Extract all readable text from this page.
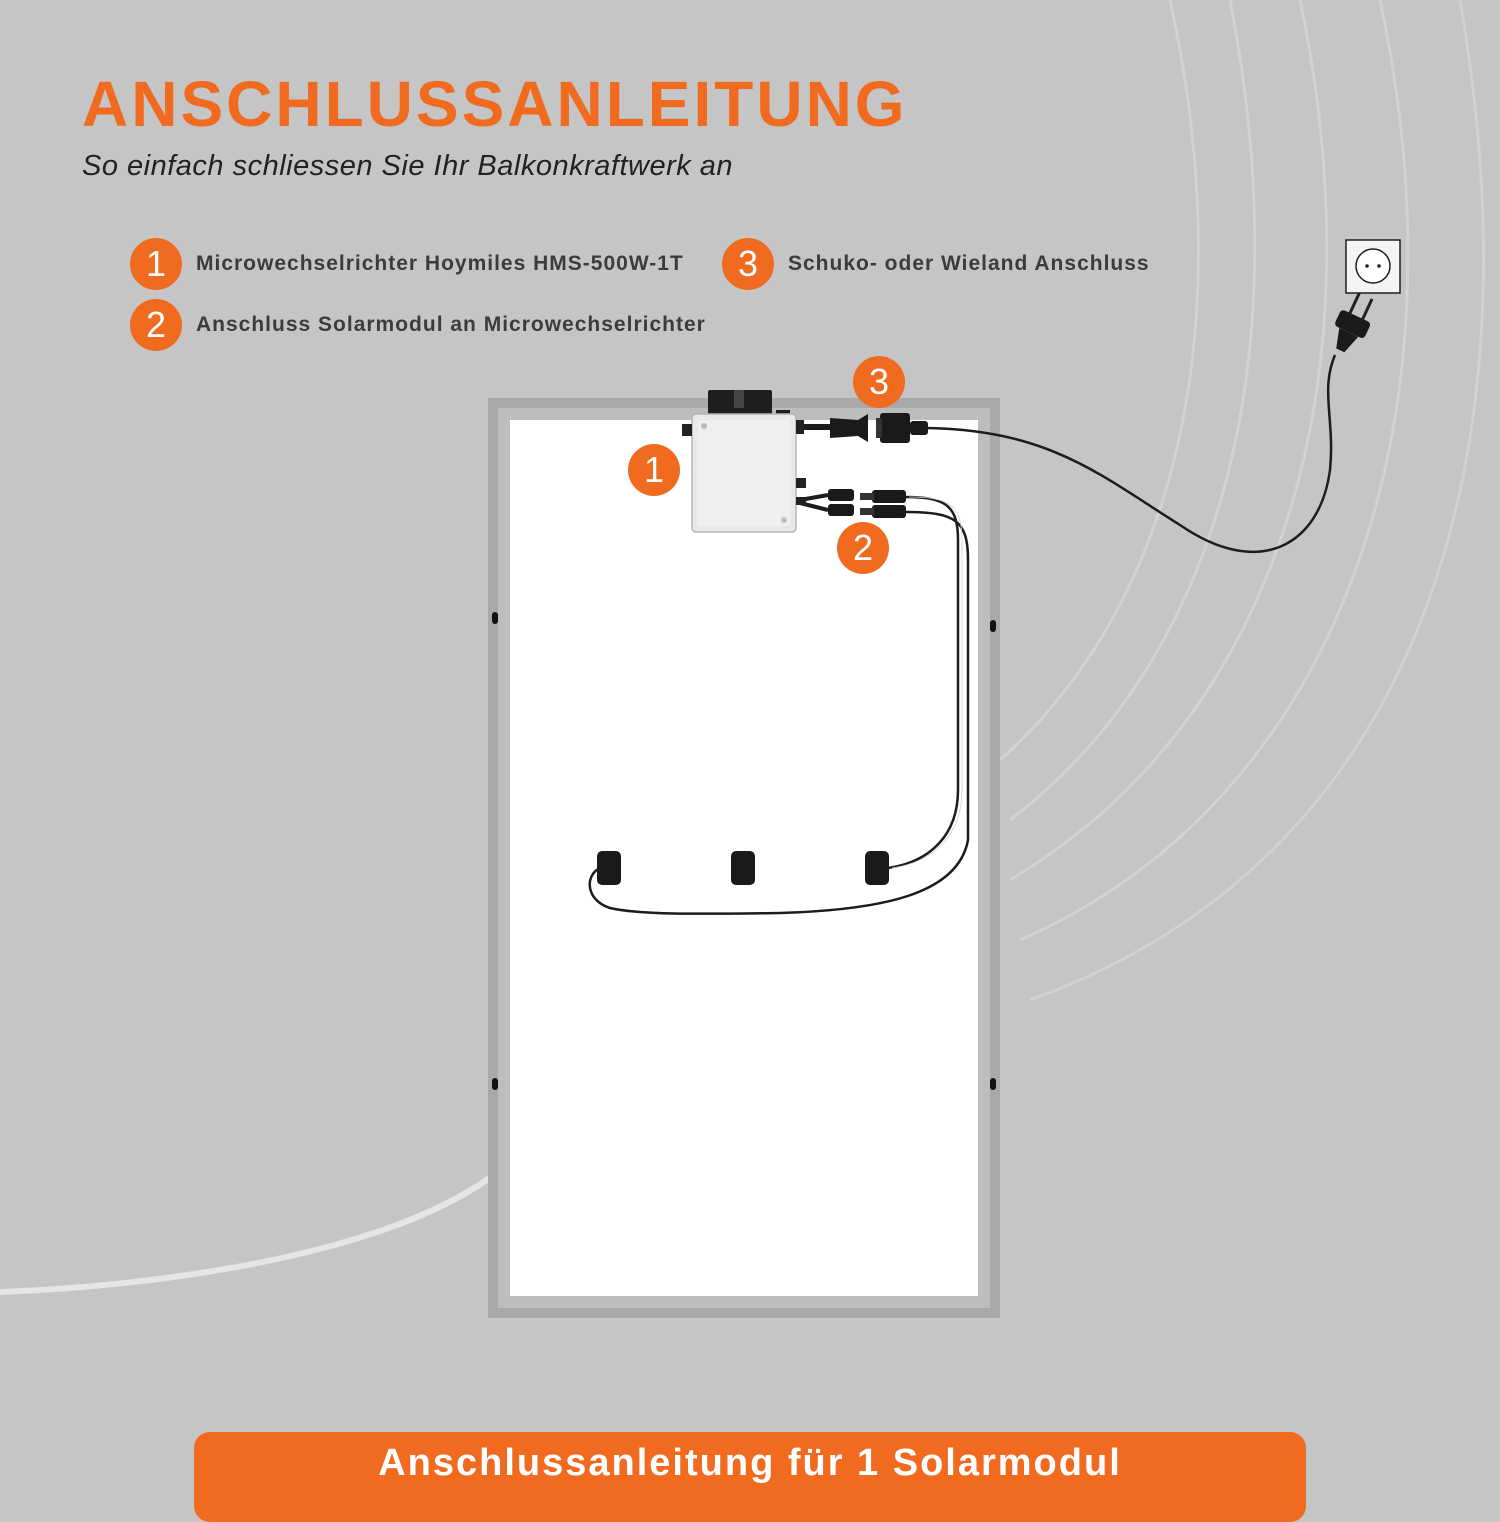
ANSCHLUSSANLEITUNG

So einfach schliessen Sie Ihr Balkonkraftwerk an

1	Microwechselrichter Hoymiles HMS-500W-1T
2	Anschluss Solarmodul an Microwechselrichter
3	Schuko- oder Wieland Anschluss
1
2
3
Anschlussanleitung für 1 Solarmodul
